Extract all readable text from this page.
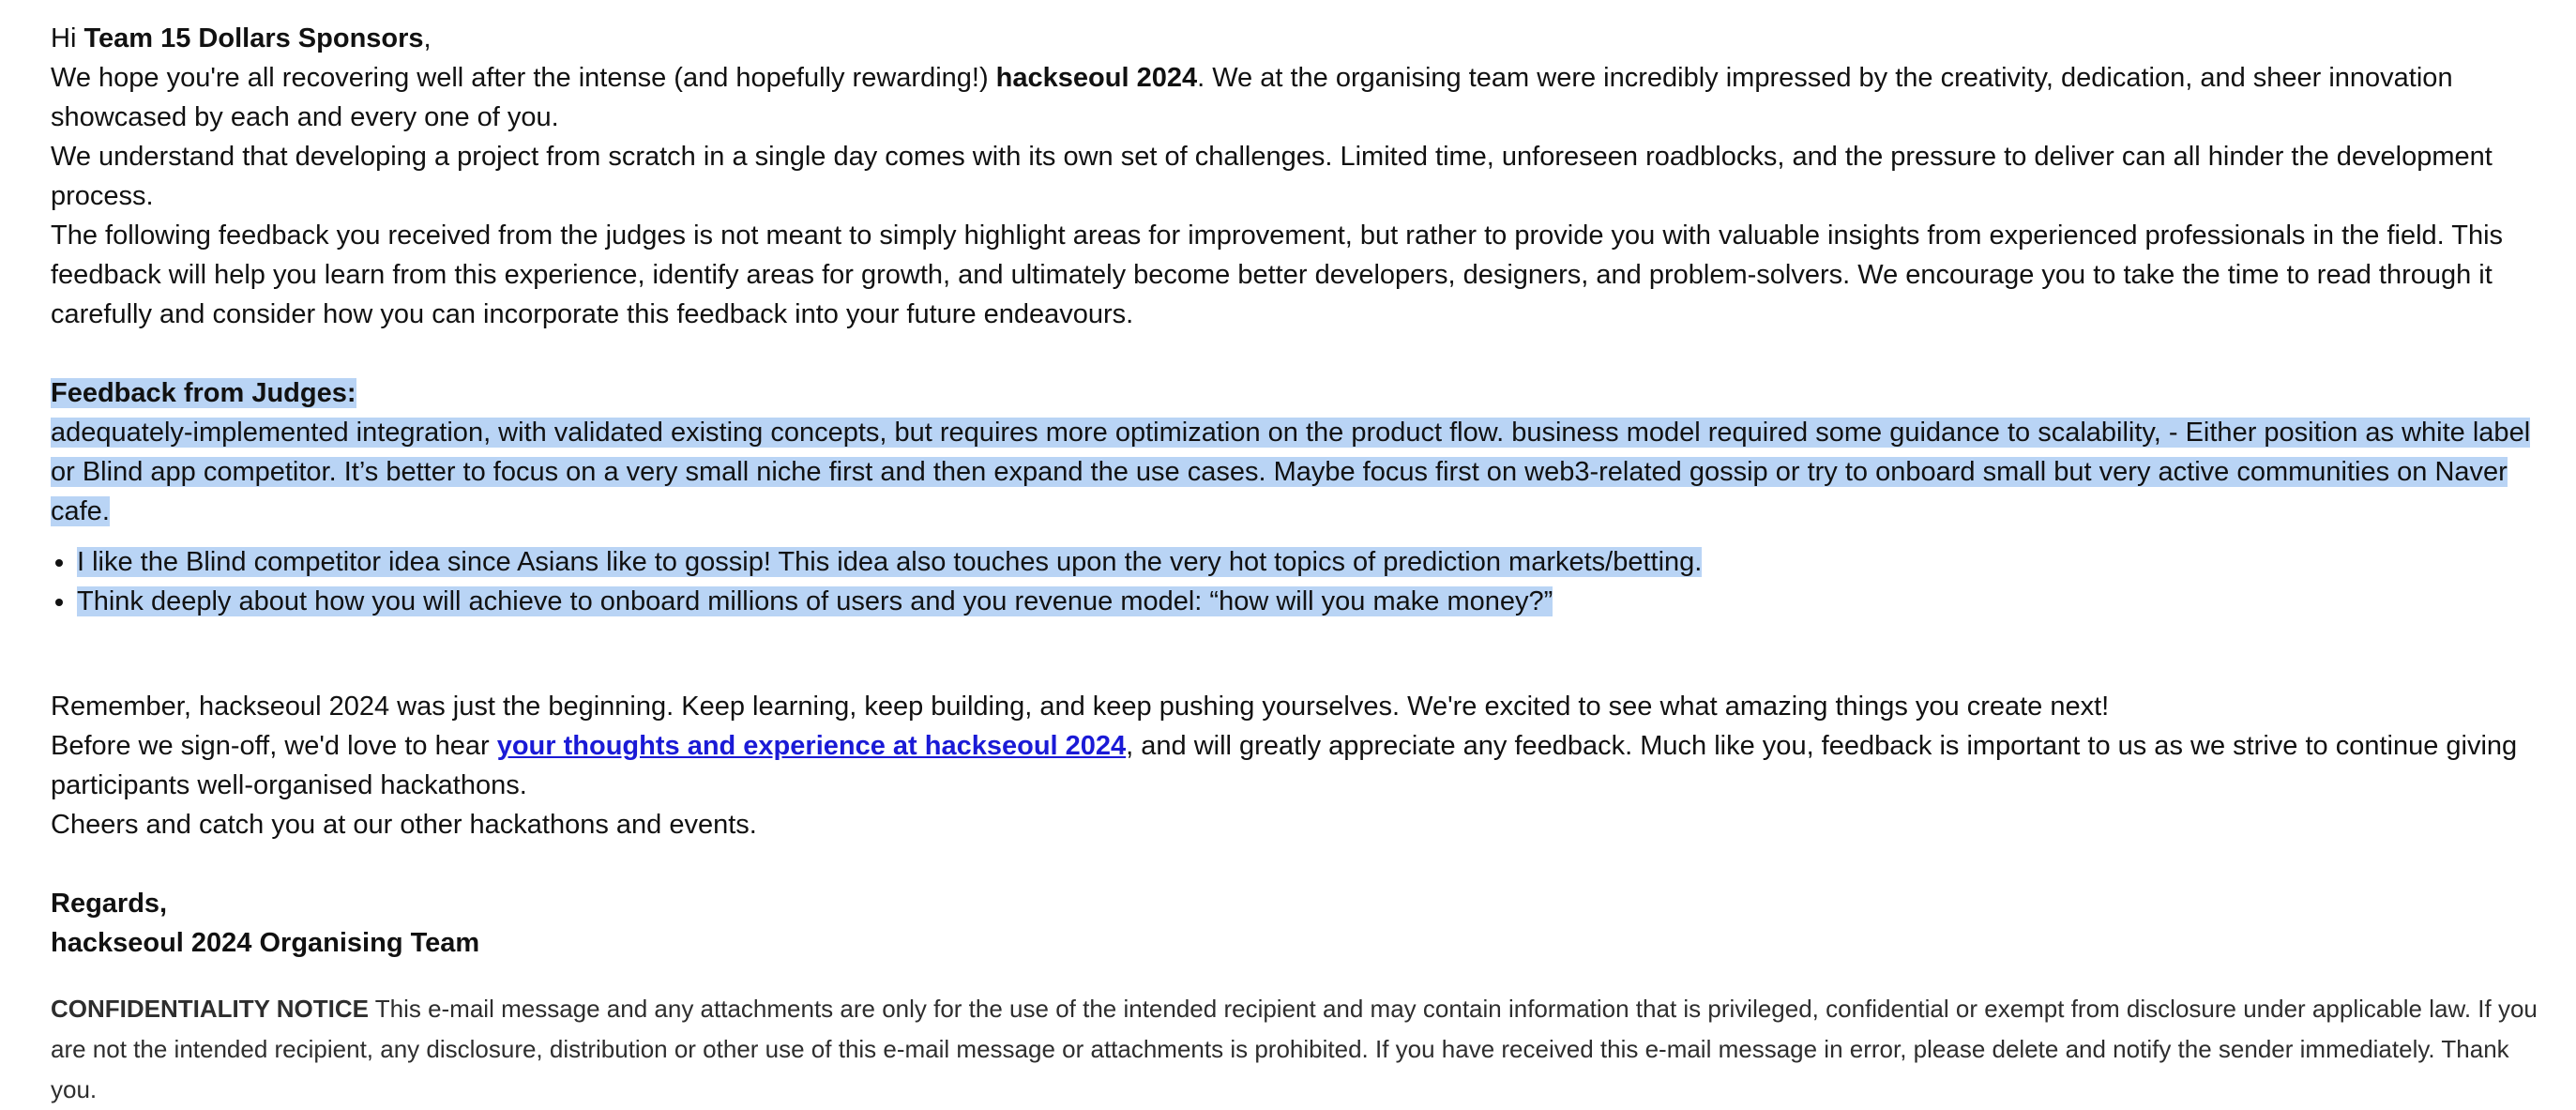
Hi Team 15 Dollars Sponsors,

We hope you're all recovering well after the intense (and hopefully rewarding!) hackseoul 2024. We at the organising team were incredibly impressed by the creativity, dedication, and sheer innovation showcased by each and every one of you.

We understand that developing a project from scratch in a single day comes with its own set of challenges. Limited time, unforeseen roadblocks, and the pressure to deliver can all hinder the development process.

The following feedback you received from the judges is not meant to simply highlight areas for improvement, but rather to provide you with valuable insights from experienced professionals in the field. This feedback will help you learn from this experience, identify areas for growth, and ultimately become better developers, designers, and problem-solvers. We encourage you to take the time to read through it carefully and consider how you can incorporate this feedback into your future endeavours.

Feedback from Judges:

adequately-implemented integration, with validated existing concepts, but requires more optimization on the product flow. business model required some guidance to scalability, - Either position as white label or Blind app competitor. It’s better to focus on a very small niche first and then expand the use cases. Maybe focus first on web3-related gossip or try to onboard small but very active communities on Naver cafe.

• I like the Blind competitor idea since Asians like to gossip! This idea also touches upon the very hot topics of prediction markets/betting.
• Think deeply about how you will achieve to onboard millions of users and you revenue model: “how will you make money?”

Remember, hackseoul 2024 was just the beginning. Keep learning, keep building, and keep pushing yourselves. We're excited to see what amazing things you create next!

Before we sign-off, we'd love to hear your thoughts and experience at hackseoul 2024, and will greatly appreciate any feedback. Much like you, feedback is important to us as we strive to continue giving participants well-organised hackathons.

Cheers and catch you at our other hackathons and events.

Regards,

hackseoul 2024 Organising Team

CONFIDENTIALITY NOTICE This e-mail message and any attachments are only for the use of the intended recipient and may contain information that is privileged, confidential or exempt from disclosure under applicable law. If you are not the intended recipient, any disclosure, distribution or other use of this e-mail message or attachments is prohibited. If you have received this e-mail message in error, please delete and notify the sender immediately. Thank you.
